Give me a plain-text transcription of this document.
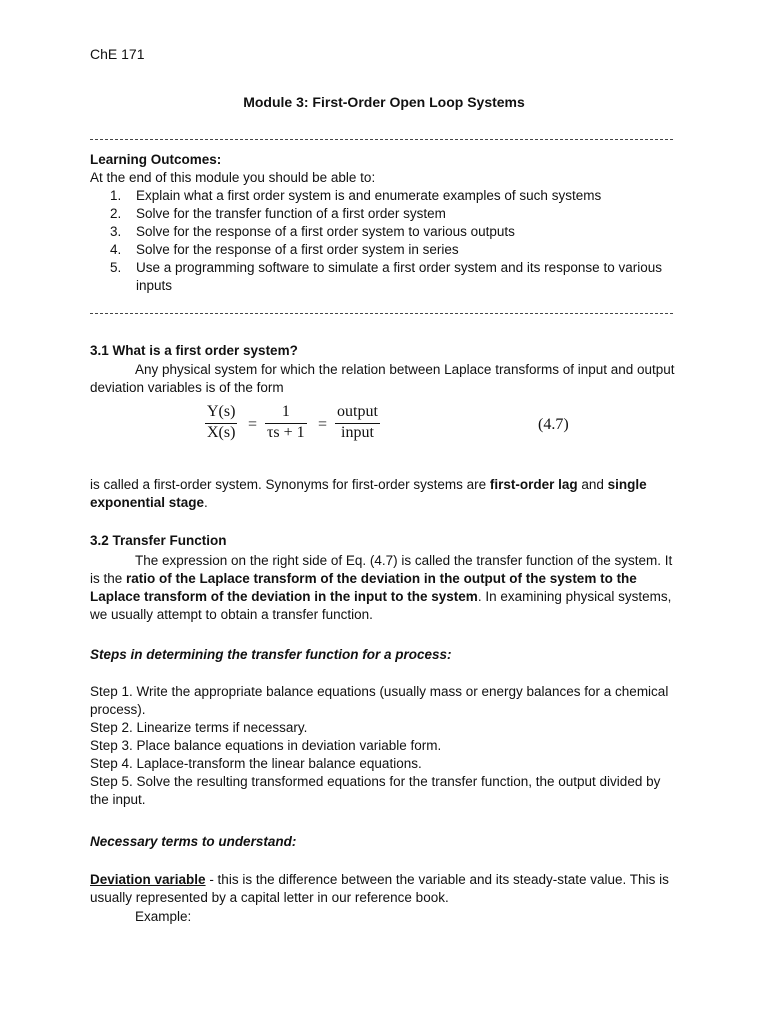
ChE 171
Module 3: First-Order Open Loop Systems
Learning Outcomes:
At the end of this module you should be able to:
1.	Explain what a first order system is and enumerate examples of such systems
2.	Solve for the transfer function of a first order system
3.	Solve for the response of a first order system to various outputs
4.	Solve for the response of a first order system in series
5.	Use a programming software to simulate a first order system and its response to various inputs
3.1 What is a first order system?
Any physical system for which the relation between Laplace transforms of input and output deviation variables is of the form
$\frac{Y(s)}{X(s)} = \frac{1}{\tau s + 1}$ =
output
input	(4.7)
is called a first-order system. Synonyms for first-order systems are first-order lag and single exponential stage.
3.2 Transfer Function
The expression on the right side of Eq. (4.7) is called the transfer function of the system. It is the ratio of the Laplace transform of the deviation in the output of the system to the Laplace transform of the deviation in the input to the system. In examining physical systems, we usually attempt to obtain a transfer function.
Steps in determining the transfer function for a process:
Step 1. Write the appropriate balance equations (usually mass or energy balances for a chemical process).
Step 2. Linearize terms if necessary.
Step 3. Place balance equations in deviation variable form.
Step 4. Laplace-transform the linear balance equations.
Step 5. Solve the resulting transformed equations for the transfer function, the output divided by the input.
Necessary terms to understand:
Deviation variable - this is the difference between the variable and its steady-state value. This is usually represented by a capital letter in our reference book.
Example:
